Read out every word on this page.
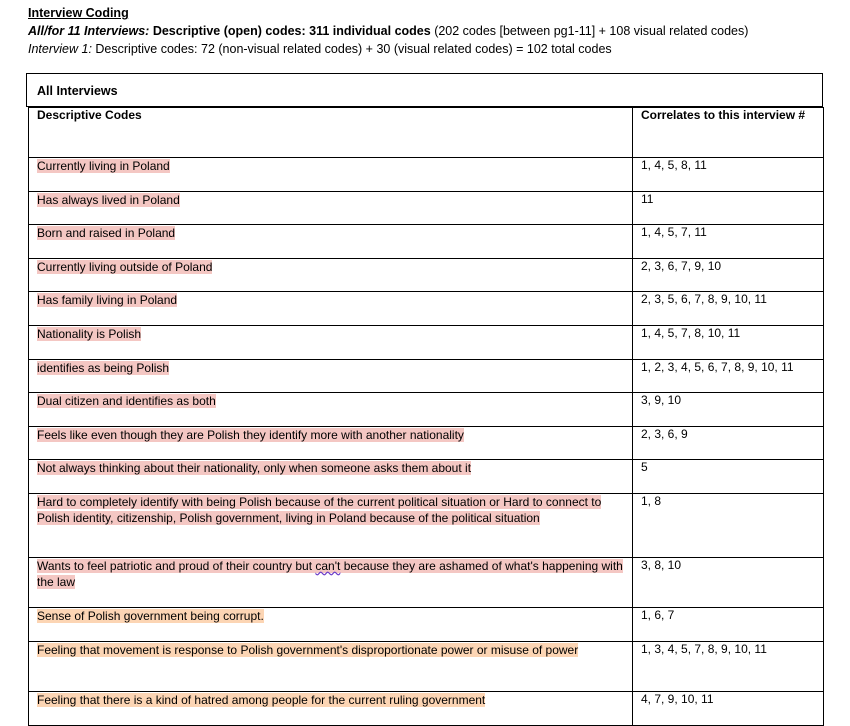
Interview Coding
All/for 11 Interviews: Descriptive (open) codes: 311 individual codes (202 codes [between pg1-11] + 108 visual related codes)
Interview 1: Descriptive codes: 72 (non-visual related codes) + 30 (visual related codes) = 102 total codes
All Interviews
Descriptive Codes	Correlates to this interview #
Currently living in Poland	1, 4, 5, 8, 11
Has always lived in Poland	11
Born and raised in Poland	1, 4, 5, 7, 11
Currently living outside of Poland	2, 3, 6, 7, 9, 10
Has family living in Poland	2, 3, 5, 6, 7, 8, 9, 10, 11
Nationality is Polish	1, 4, 5, 7, 8, 10, 11
identifies as being Polish	1, 2, 3, 4, 5, 6, 7, 8, 9, 10, 11
Dual citizen and identifies as both	3, 9, 10
Feels like even though they are Polish they identify more with another nationality	2, 3, 6, 9
Not always thinking about their nationality, only when someone asks them about it	5
Hard to completely identify with being Polish because of the current political situation or Hard to connect to Polish identity, citizenship, Polish government, living in Poland because of the political situation	1, 8
Wants to feel patriotic and proud of their country but can't because they are ashamed of what's happening with the law	3, 8, 10
Sense of Polish government being corrupt.	1, 6, 7
Feeling that movement is response to Polish government's disproportionate power or misuse of power	1, 3, 4, 5, 7, 8, 9, 10, 11
Feeling that there is a kind of hatred among people for the current ruling government	4, 7, 9, 10, 11
